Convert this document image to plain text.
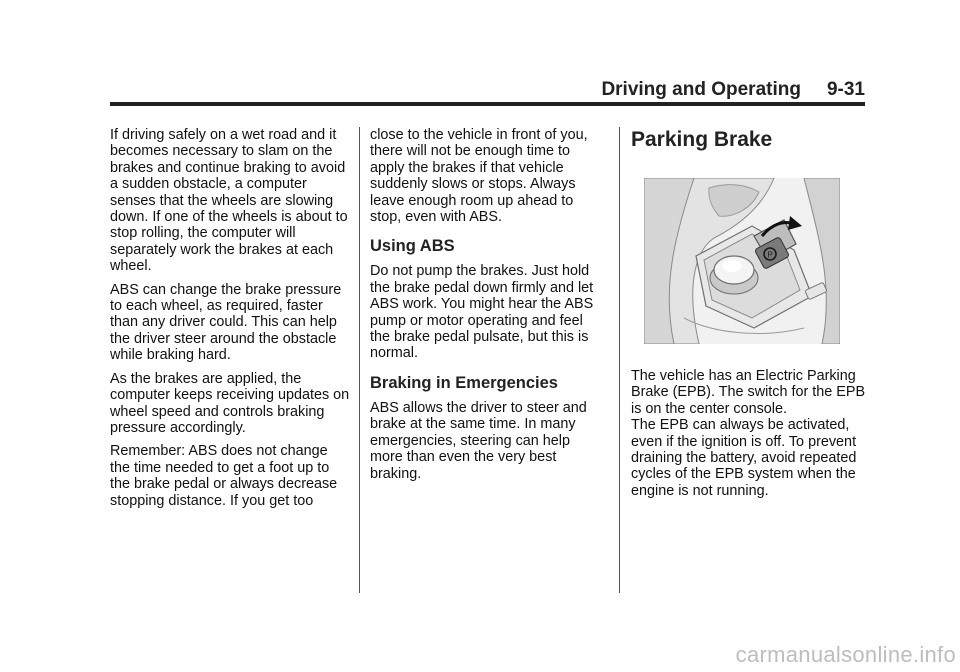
Driving and Operating 9-31

If driving safely on a wet road and it becomes necessary to slam on the brakes and continue braking to avoid a sudden obstacle, a computer senses that the wheels are slowing down. If one of the wheels is about to stop rolling, the computer will separately work the brakes at each wheel.

ABS can change the brake pressure to each wheel, as required, faster than any driver could. This can help the driver steer around the obstacle while braking hard.

As the brakes are applied, the computer keeps receiving updates on wheel speed and controls braking pressure accordingly.

Remember: ABS does not change the time needed to get a foot up to the brake pedal or always decrease stopping distance. If you get too

close to the vehicle in front of you, there will not be enough time to apply the brakes if that vehicle suddenly slows or stops. Always leave enough room up ahead to stop, even with ABS.

Using ABS

Do not pump the brakes. Just hold the brake pedal down firmly and let ABS work. You might hear the ABS pump or motor operating and feel the brake pedal pulsate, but this is normal.

Braking in Emergencies

ABS allows the driver to steer and brake at the same time. In many emergencies, steering can help more than even the very best braking.

Parking Brake
P

The vehicle has an Electric Parking Brake (EPB). The switch for the EPB is on the center console.

The EPB can always be activated, even if the ignition is off. To prevent draining the battery, avoid repeated cycles of the EPB system when the engine is not running.

carmanualsonline.info
